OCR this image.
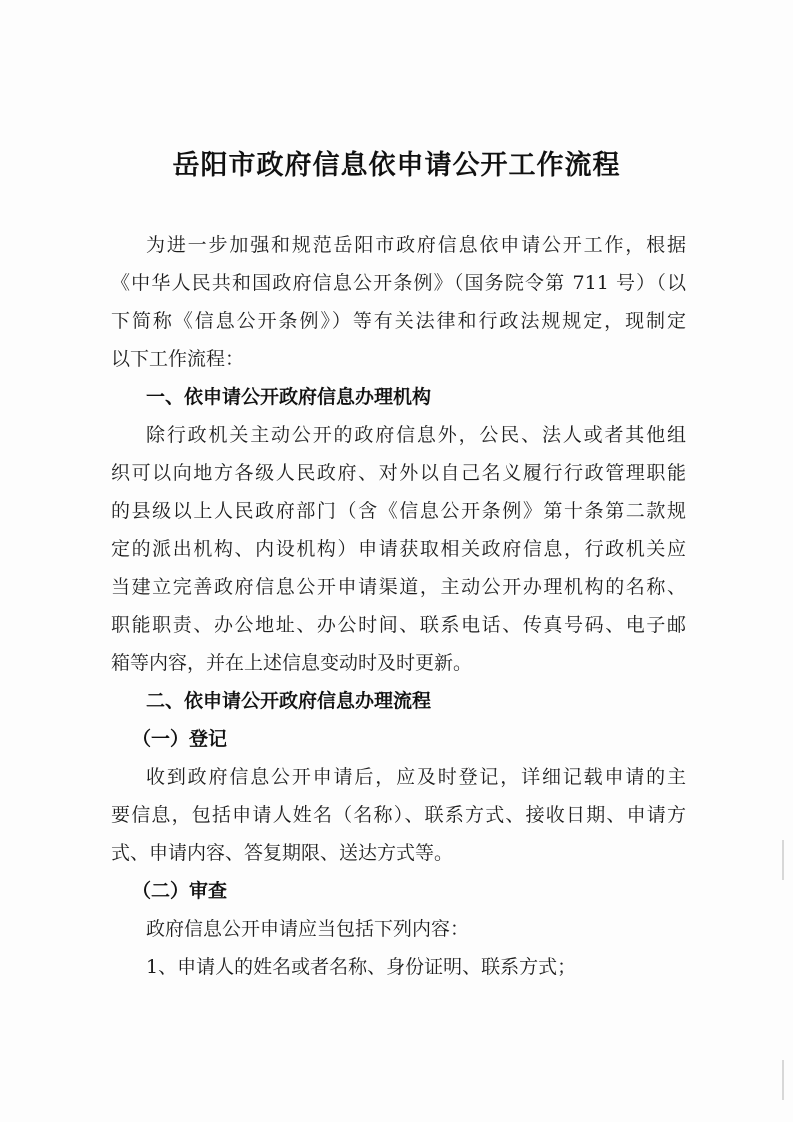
岳阳市政府信息依申请公开工作流程
为进一步加强和规范岳阳市政府信息依申请公开工作，根据
《中华人民共和国政府信息公开条例》（国务院令第 711 号）（以
下简称《信息公开条例》）等有关法律和行政法规规定，现制定
以下工作流程：
一、依申请公开政府信息办理机构
除行政机关主动公开的政府信息外，公民、法人或者其他组
织可以向地方各级人民政府、对外以自己名义履行行政管理职能
的县级以上人民政府部门（含《信息公开条例》第十条第二款规
定的派出机构、内设机构）申请获取相关政府信息，行政机关应
当建立完善政府信息公开申请渠道，主动公开办理机构的名称、
职能职责、办公地址、办公时间、联系电话、传真号码、电子邮
箱等内容，并在上述信息变动时及时更新。
二、依申请公开政府信息办理流程
（一）登记
收到政府信息公开申请后，应及时登记，详细记载申请的主
要信息，包括申请人姓名（名称）、联系方式、接收日期、申请方
式、申请内容、答复期限、送达方式等。
（二）审查
政府信息公开申请应当包括下列内容：
1、申请人的姓名或者名称、身份证明、联系方式；
